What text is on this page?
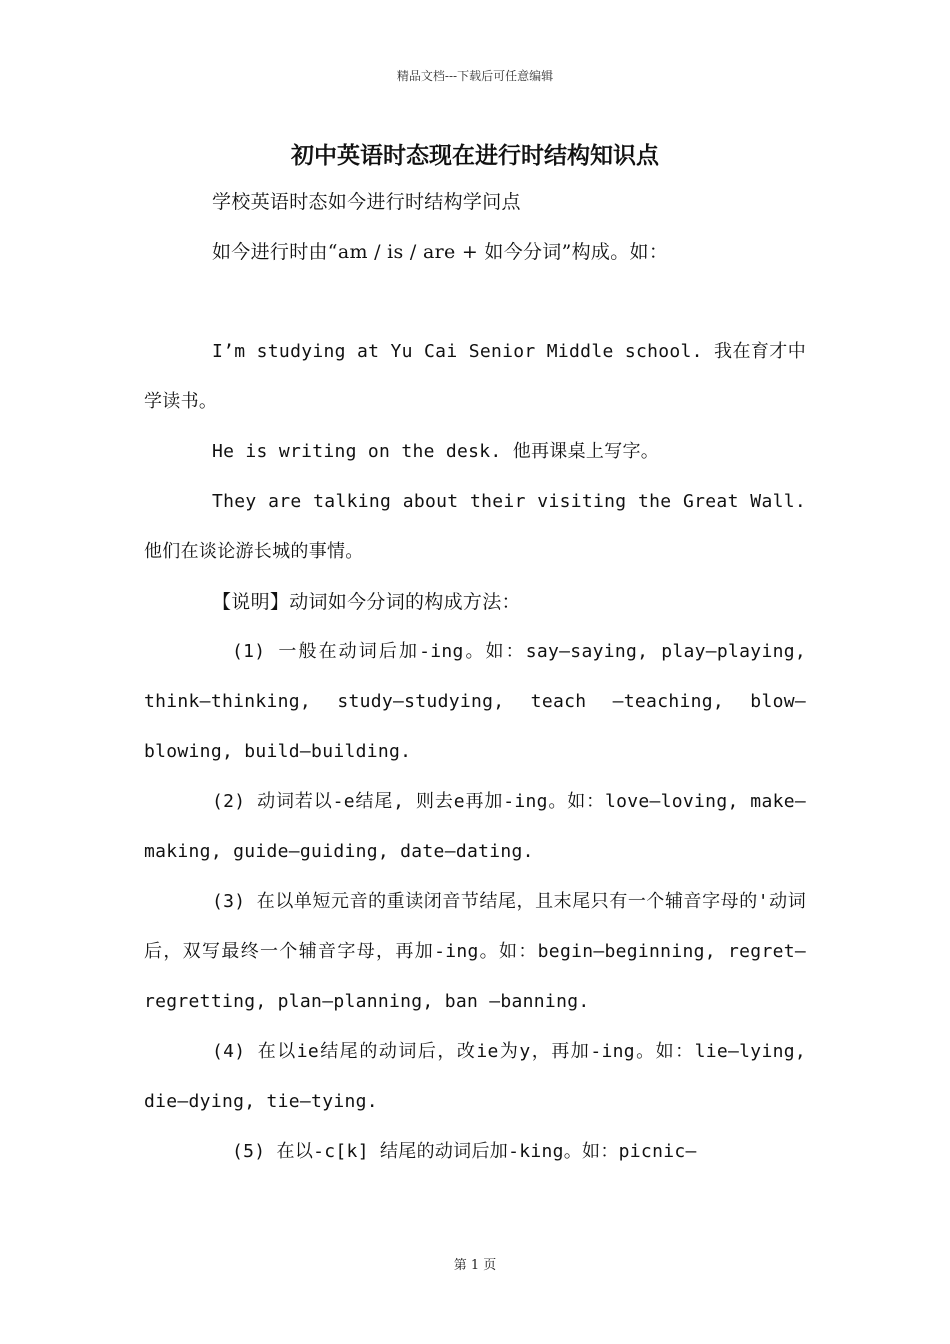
精品文档---下载后可任意编辑
初中英语时态现在进行时结构知识点

学校英语时态如今进行时结构学问点

如今进行时由“am / is / are + 如今分词”构成。如：

I’m studying at Yu Cai Senior Middle school. 我在育才中学读书。

He is writing on the desk. 他再课桌上写字。

They are talking about their visiting the Great Wall. 他们在谈论游长城的事情。

【说明】动词如今分词的构成方法：

(1) 一般在动词后加-ing。如：say—saying, play—playing, think—thinking, study—studying, teach —teaching, blow—blowing, build—building.

(2) 动词若以-e结尾, 则去e再加-ing。如：love—loving, make—making, guide—guiding, date—dating.

(3) 在以单短元音的重读闭音节结尾，且末尾只有一个辅音字母的'动词后，双写最终一个辅音字母，再加-ing。如：begin—beginning, regret—regretting, plan—planning, ban —banning.

(4) 在以ie结尾的动词后，改ie为y，再加-ing。如：lie—lying, die—dying, tie—tying.

(5) 在以-c[k] 结尾的动词后加-king。如：picnic—

第 1 页
